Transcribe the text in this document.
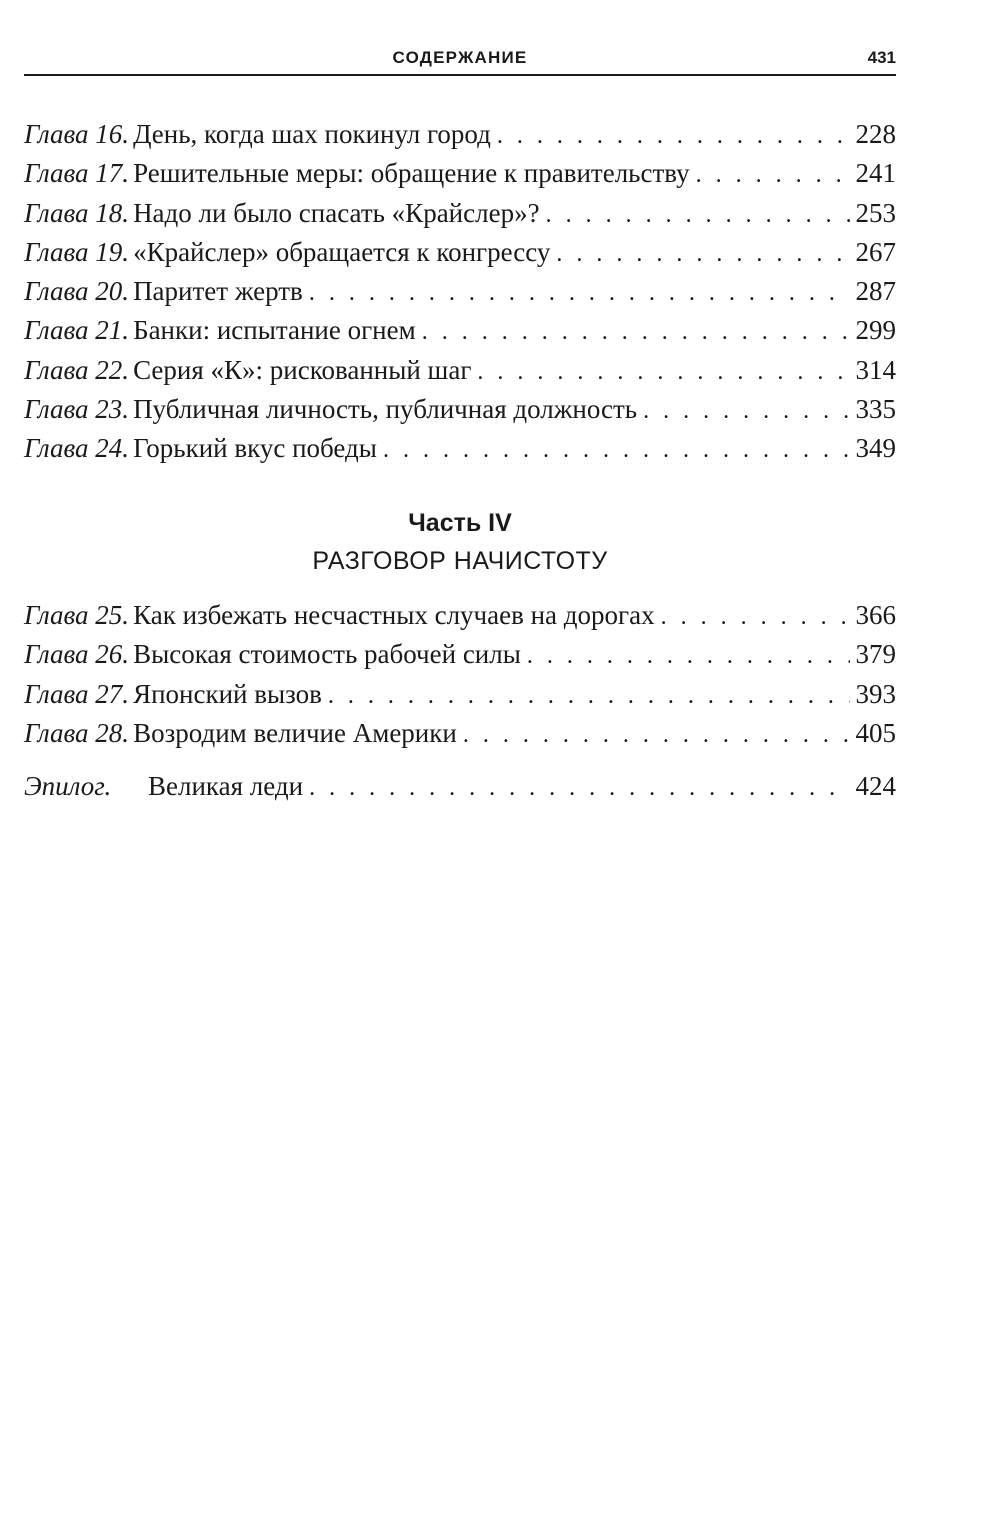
СОДЕРЖАНИЕ	431
Глава 16. День, когда шах покинул город . . .	228
Глава 17. Решительные меры: обращение к правительству . . .	241
Глава 18. Надо ли было спасать «Крайслер»? . . .	253
Глава 19. «Крайслер» обращается к конгрессу . . .	267
Глава 20. Паритет жертв . . .	287
Глава 21. Банки: испытание огнем . . .	299
Глава 22. Серия «К»: рискованный шаг . . .	314
Глава 23. Публичная личность, публичная должность . . .	335
Глава 24. Горький вкус победы . . .	349
Часть IV
РАЗГОВОР НАЧИСТОТУ
Глава 25. Как избежать несчастных случаев на дорогах . . .	366
Глава 26. Высокая стоимость рабочей силы . . .	379
Глава 27. Японский вызов . . .	393
Глава 28. Возродим величие Америки . . .	405
Эпилог.	Великая леди . . .	424
